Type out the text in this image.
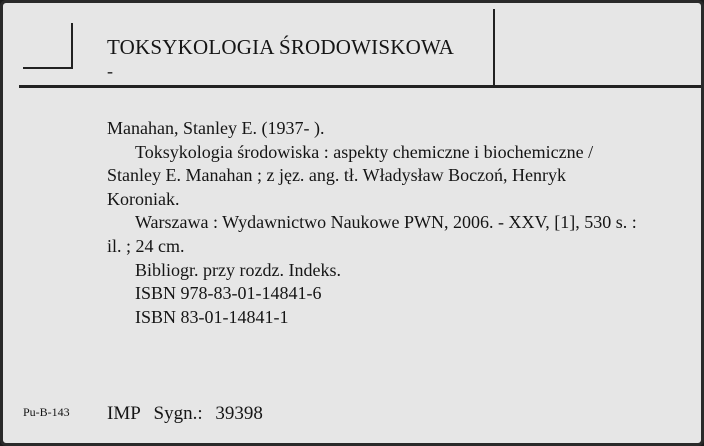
TOKSYKOLOGIA ŚRODOWISKOWA
-

Manahan, Stanley E. (1937- ).

Toksykologia środowiska : aspekty chemiczne i biochemiczne / Stanley E. Manahan ; z jęz. ang. tł. Władysław Boczoń, Henryk Koroniak.

Warszawa : Wydawnictwo Naukowe PWN, 2006. - XXV, [1], 530 s. : il. ; 24 cm.

Bibliogr. przy rozdz. Indeks.

ISBN 978-83-01-14841-6

ISBN 83-01-14841-1

Pu-B-143 IMP Sygn.: 39398
